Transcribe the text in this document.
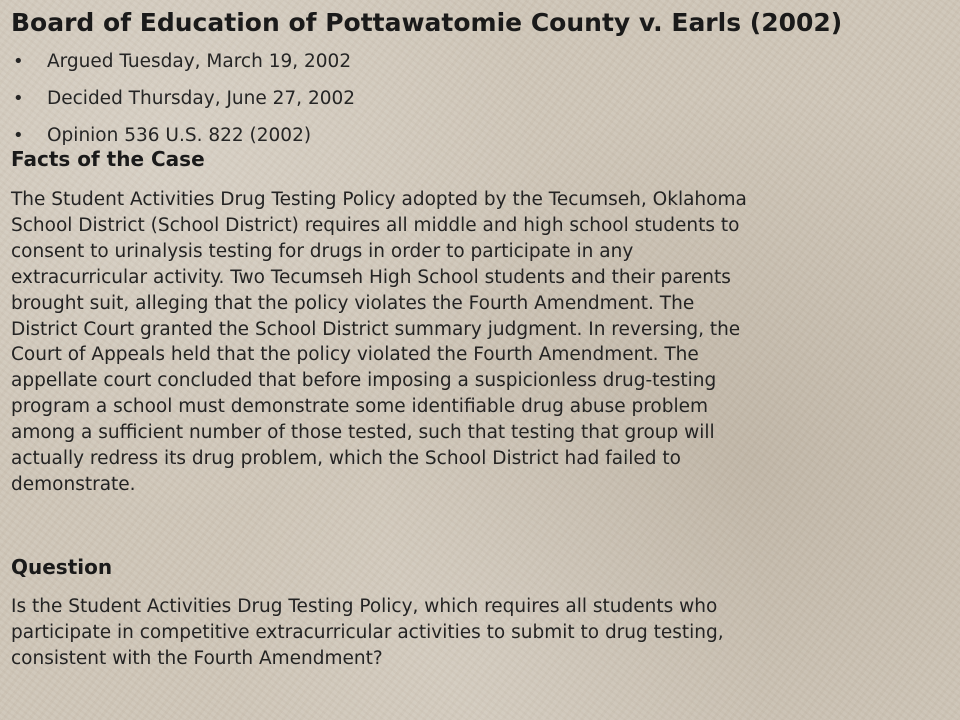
Board of Education of Pottawatomie County v. Earls (2002)
• Argued Tuesday, March 19, 2002
• Decided Thursday, June 27, 2002
• Opinion 536 U.S. 822 (2002)
Facts of the Case

The Student Activities Drug Testing Policy adopted by the Tecumseh, Oklahoma
School District (School District) requires all middle and high school students to
consent to urinalysis testing for drugs in order to participate in any
extracurricular activity. Two Tecumseh High School students and their parents
brought suit, alleging that the policy violates the Fourth Amendment. The
District Court granted the School District summary judgment. In reversing, the
Court of Appeals held that the policy violated the Fourth Amendment. The
appellate court concluded that before imposing a suspicionless drug-testing
program a school must demonstrate some identifiable drug abuse problem
among a sufficient number of those tested, such that testing that group will
actually redress its drug problem, which the School District had failed to
demonstrate.

Question

Is the Student Activities Drug Testing Policy, which requires all students who
participate in competitive extracurricular activities to submit to drug testing,
consistent with the Fourth Amendment?
